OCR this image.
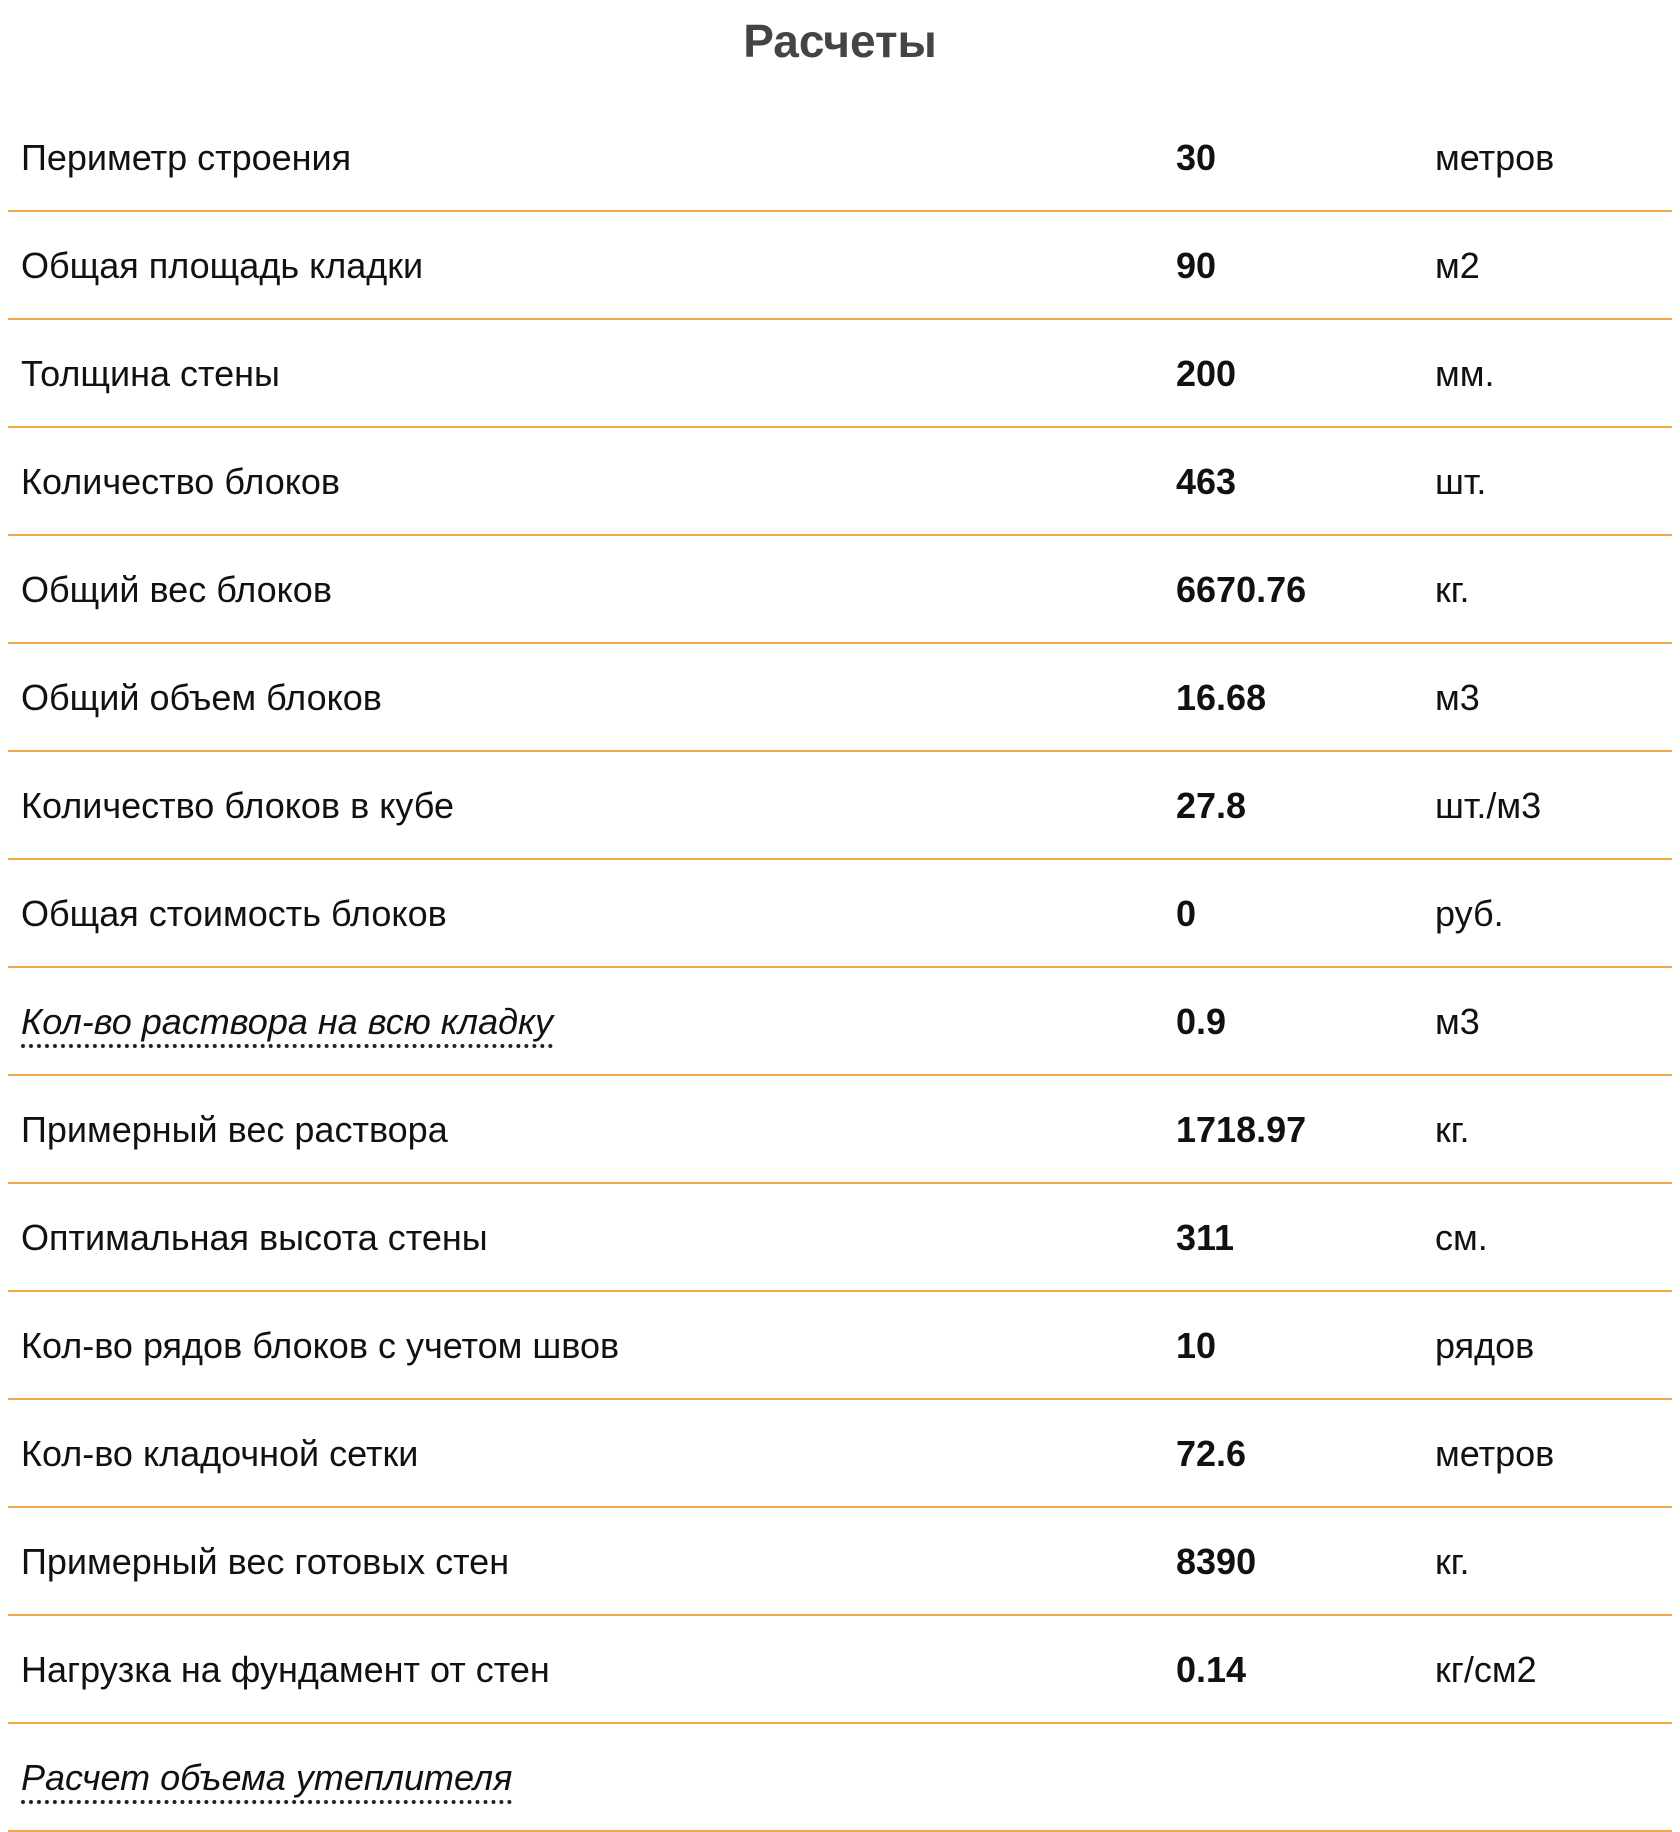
Расчеты
Периметр строения	30	метров
Общая площадь кладки	90	м2
Толщина стены	200	мм.
Количество блоков	463	шт.
Общий вес блоков	6670.76	кг.
Общий объем блоков	16.68	м3
Количество блоков в кубе	27.8	шт./м3
Общая стоимость блоков	0	руб.
Кол-во раствора на всю кладку	0.9	м3
Примерный вес раствора	1718.97	кг.
Оптимальная высота стены	311	см.
Кол-во рядов блоков с учетом швов	10	рядов
Кол-во кладочной сетки	72.6	метров
Примерный вес готовых стен	8390	кг.
Нагрузка на фундамент от стен	0.14	кг/см2
Расчет объема утеплителя
